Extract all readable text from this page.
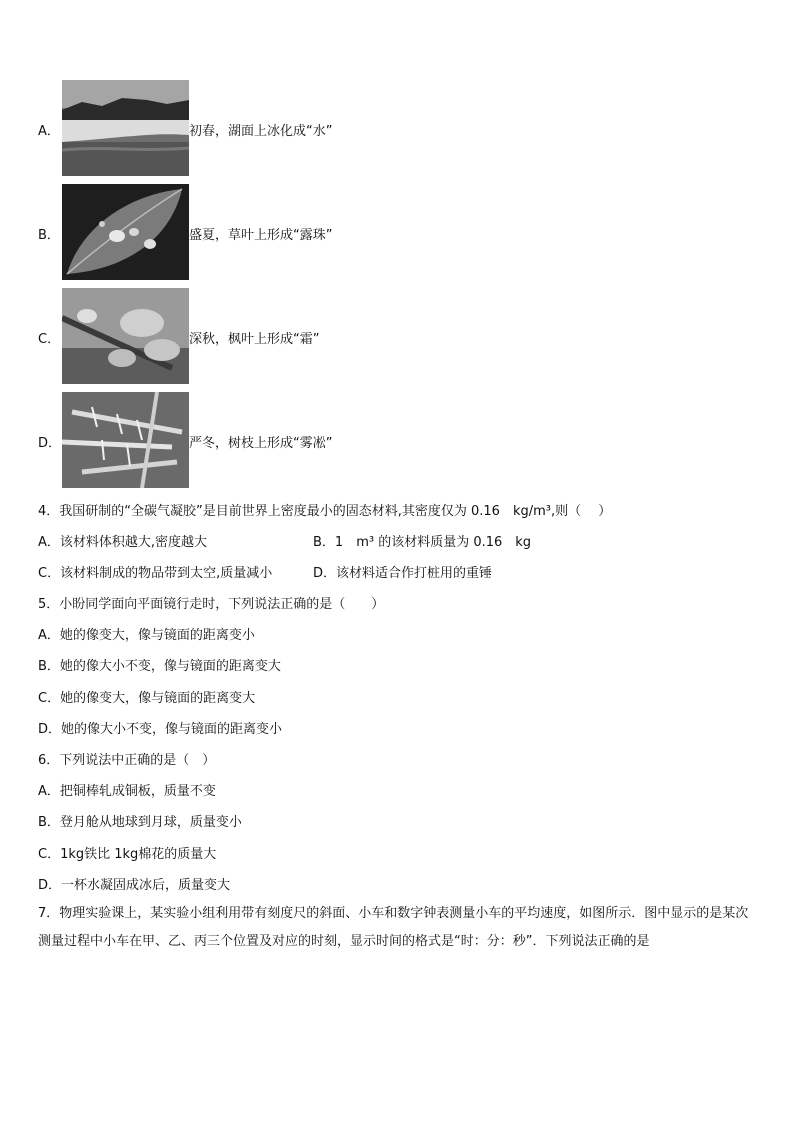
A．	初春，湖面上冰化成“水”
B．	盛夏，草叶上形成“露珠”
C．	深秋，枫叶上形成“霜”
D．	严冬，树枝上形成“雾凇”
4．我国研制的“全碳气凝胶”是目前世界上密度最小的固态材料,其密度仅为 0.16　kg/m³,则（　 ）
A．该材料体积越大,密度越大	B．1　m³ 的该材料质量为 0.16　kg
C．该材料制成的物品带到太空,质量减小	D．该材料适合作打桩用的重锤
5．小盼同学面向平面镜行走时，下列说法正确的是（　　）
A．她的像变大，像与镜面的距离变小
B．她的像大小不变，像与镜面的距离变大
C．她的像变大，像与镜面的距离变大
D．她的像大小不变，像与镜面的距离变小
6．下列说法中正确的是（　）
A．把铜棒轧成铜板，质量不变
B．登月舱从地球到月球，质量变小
C．1kg铁比 1kg棉花的质量大
D．一杯水凝固成冰后，质量变大
7．物理实验课上，某实验小组利用带有刻度尺的斜面、小车和数字钟表测量小车的平均速度，如图所示．图中显示的是某次测量过程中小车在甲、乙、丙三个位置及对应的时刻，显示时间的格式是“时：分：秒”．下列说法正确的是
